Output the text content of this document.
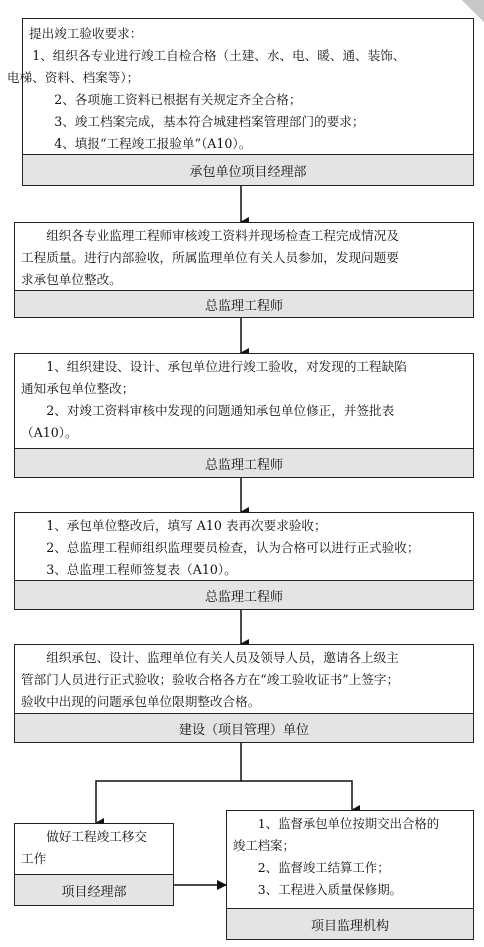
提出竣工验收要求：
1、组织各专业进行竣工自检合格（土建、水、电、暖、通、装饰、
电梯、资料、档案等）；
2、各项施工资料已根据有关规定齐全合格；
3、竣工档案完成，基本符合城建档案管理部门的要求；
4、填报“工程竣工报验单”（A10）。
承包单位项目经理部
组织各专业监理工程师审核竣工资料并现场检查工程完成情况及
工程质量。进行内部验收，所属监理单位有关人员参加，发现问题要
求承包单位整改。
总监理工程师
1、组织建设、设计、承包单位进行竣工验收，对发现的工程缺陷
通知承包单位整改；
2、对竣工资料审核中发现的问题通知承包单位修正，并签批表
（A10）。
总监理工程师
1、承包单位整改后，填写 A10 表再次要求验收；
2、总监理工程师组织监理要员检查，认为合格可以进行正式验收；
3、总监理工程师签复表（A10）。
总监理工程师
组织承包、设计、监理单位有关人员及领导人员，邀请各上级主
管部门人员进行正式验收；验收合格各方在“竣工验收证书”上签字；
验收中出现的问题承包单位限期整改合格。
建设（项目管理）单位
做好工程竣工移交
工作
项目经理部
1、监督承包单位按期交出合格的
竣工档案；
2、监督竣工结算工作；
3、工程进入质量保修期。
项目监理机构
